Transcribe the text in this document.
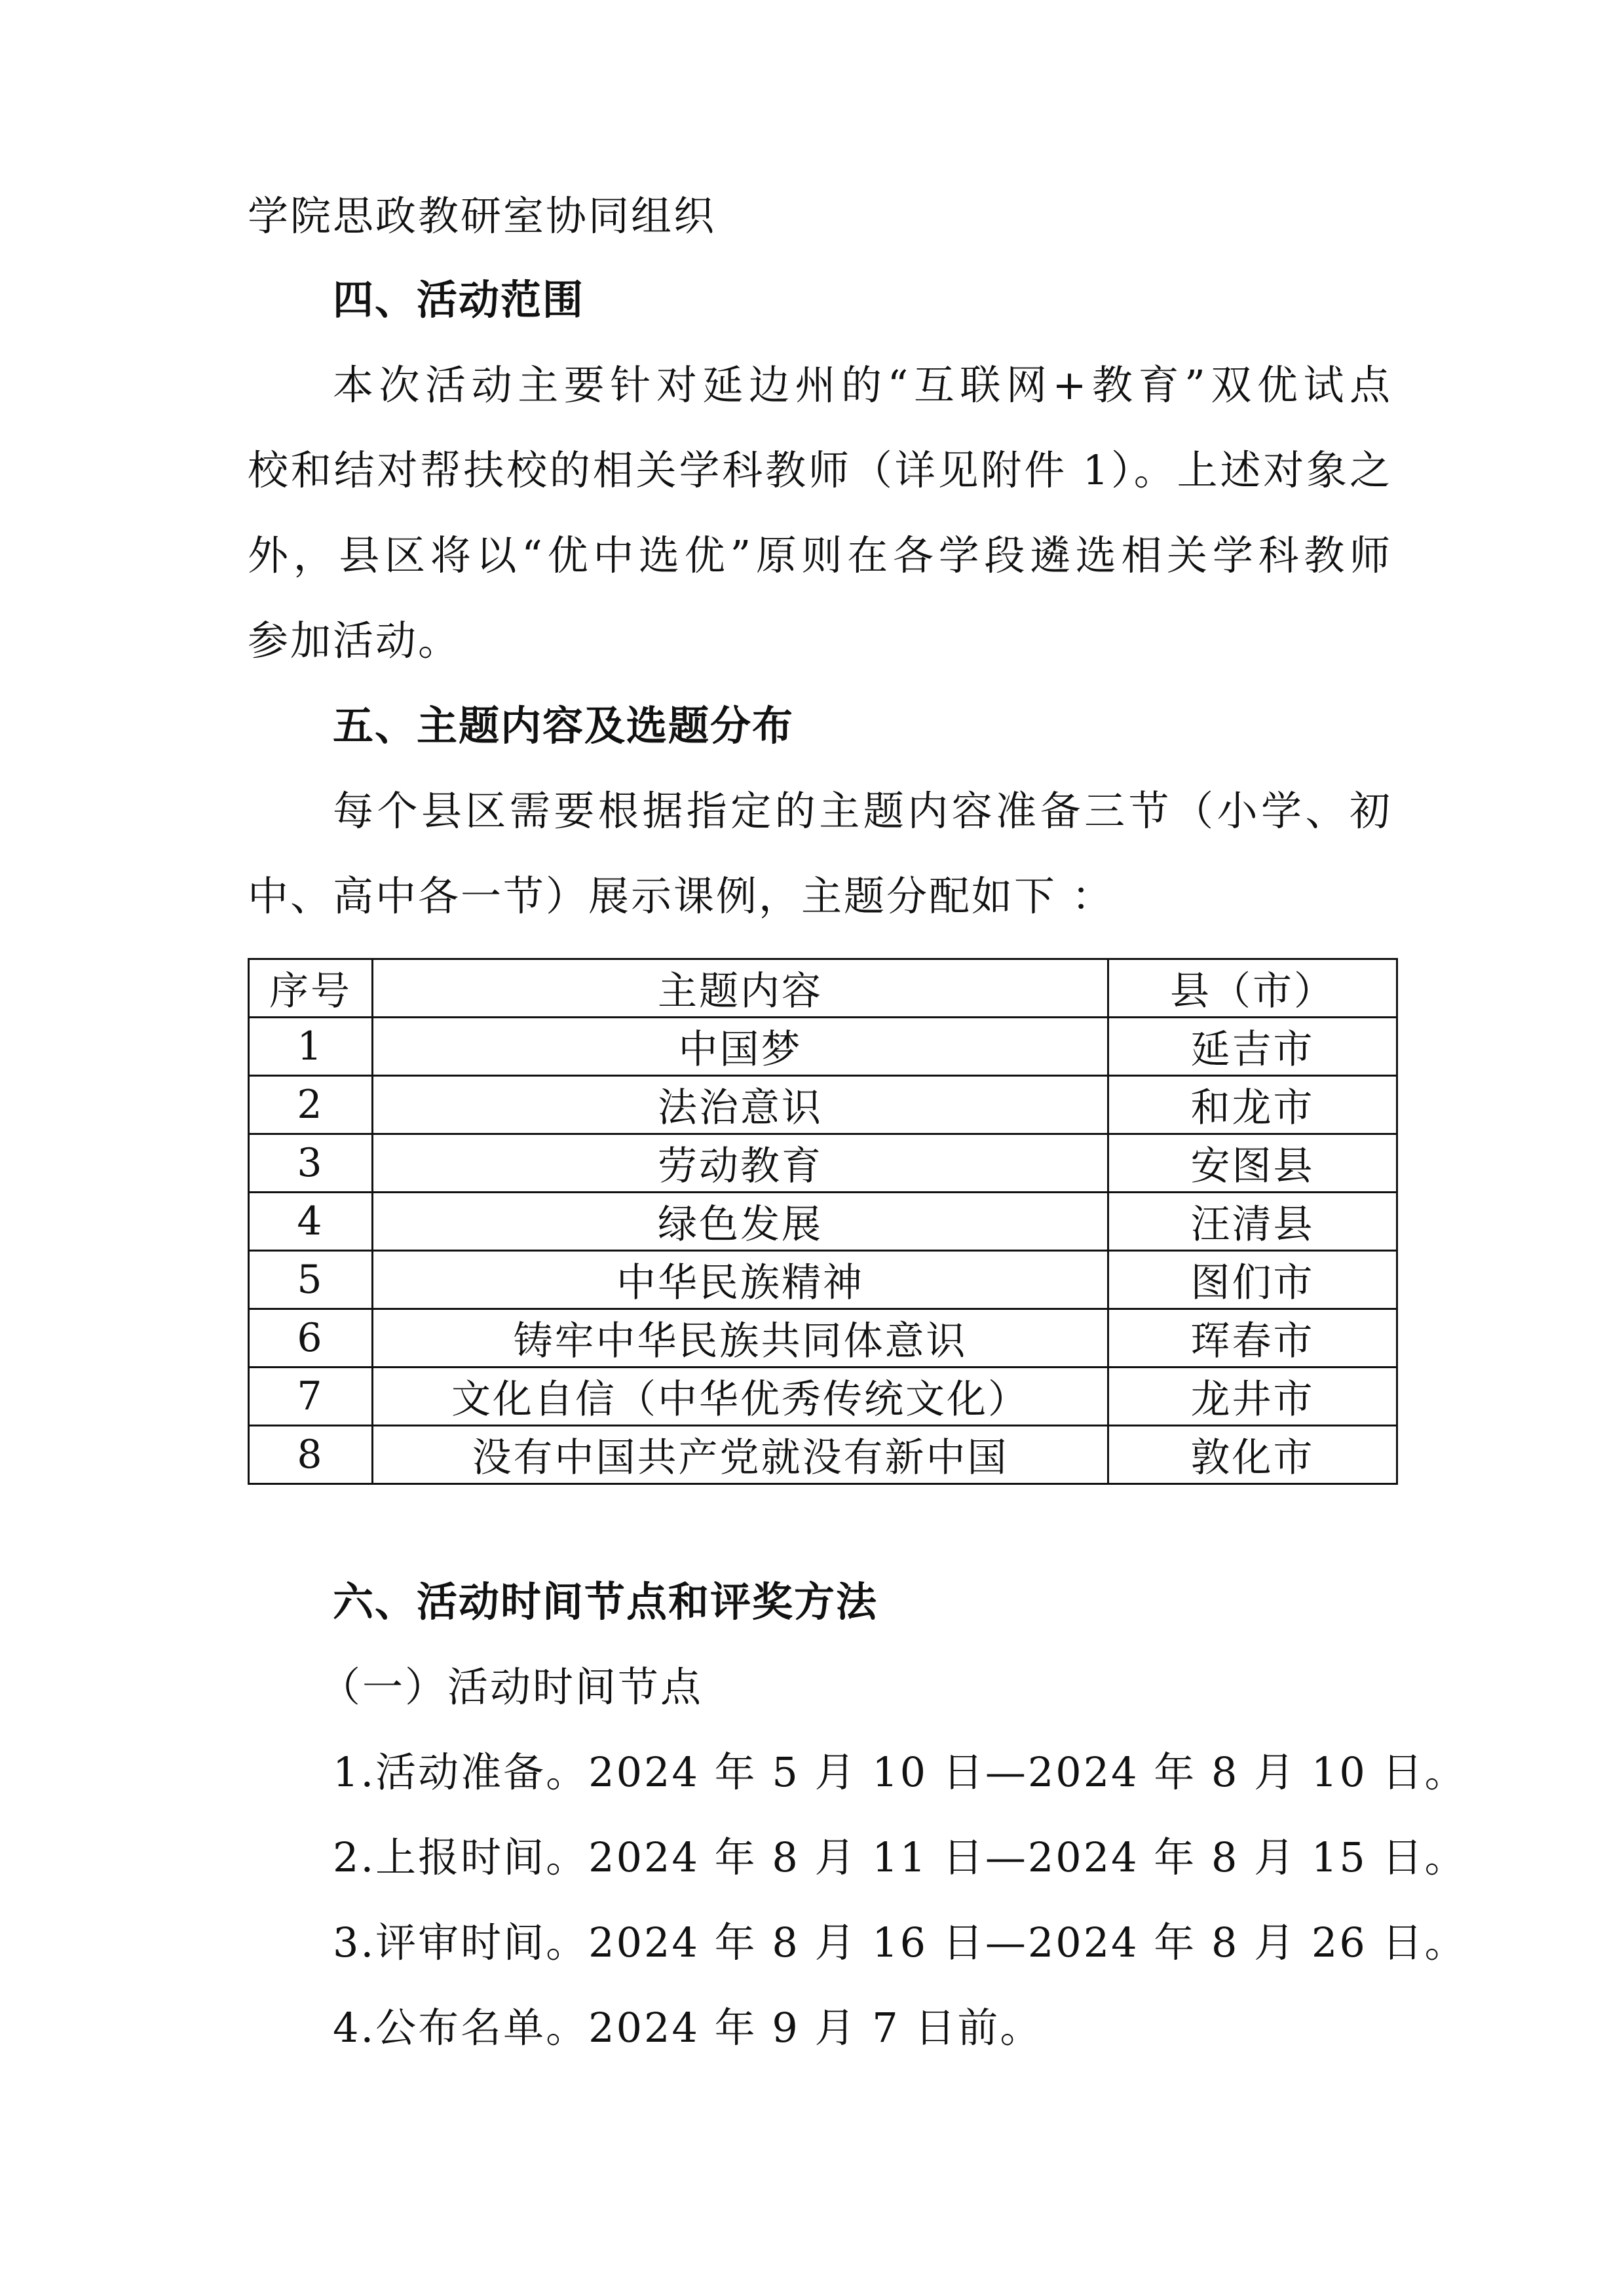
学院思政教研室协同组织

四、活动范围

本次活动主要针对延边州的“互联网+教育”双优试点

校和结对帮扶校的相关学科教师（详见附件 1）。上述对象之

外，县区将以“优中选优”原则在各学段遴选相关学科教师

参加活动。

五、主题内容及选题分布

每个县区需要根据指定的主题内容准备三节（小学、初

中、高中各一节）展示课例，主题分配如下 ：

序号	主题内容	县（市）
1	中国梦	延吉市
2	法治意识	和龙市
3	劳动教育	安图县
4	绿色发展	汪清县
5	中华民族精神	图们市
6	铸牢中华民族共同体意识	珲春市
7	文化自信（中华优秀传统文化）	龙井市
8	没有中国共产党就没有新中国	敦化市

六、活动时间节点和评奖方法

（一）活动时间节点

1.活动准备。2024 年 5 月 10 日—2024 年 8 月 10 日。

2.上报时间。2024 年 8 月 11 日—2024 年 8 月 15 日。

3.评审时间。2024 年 8 月 16 日—2024 年 8 月 26 日。

4.公布名单。2024 年 9 月 7 日前。
